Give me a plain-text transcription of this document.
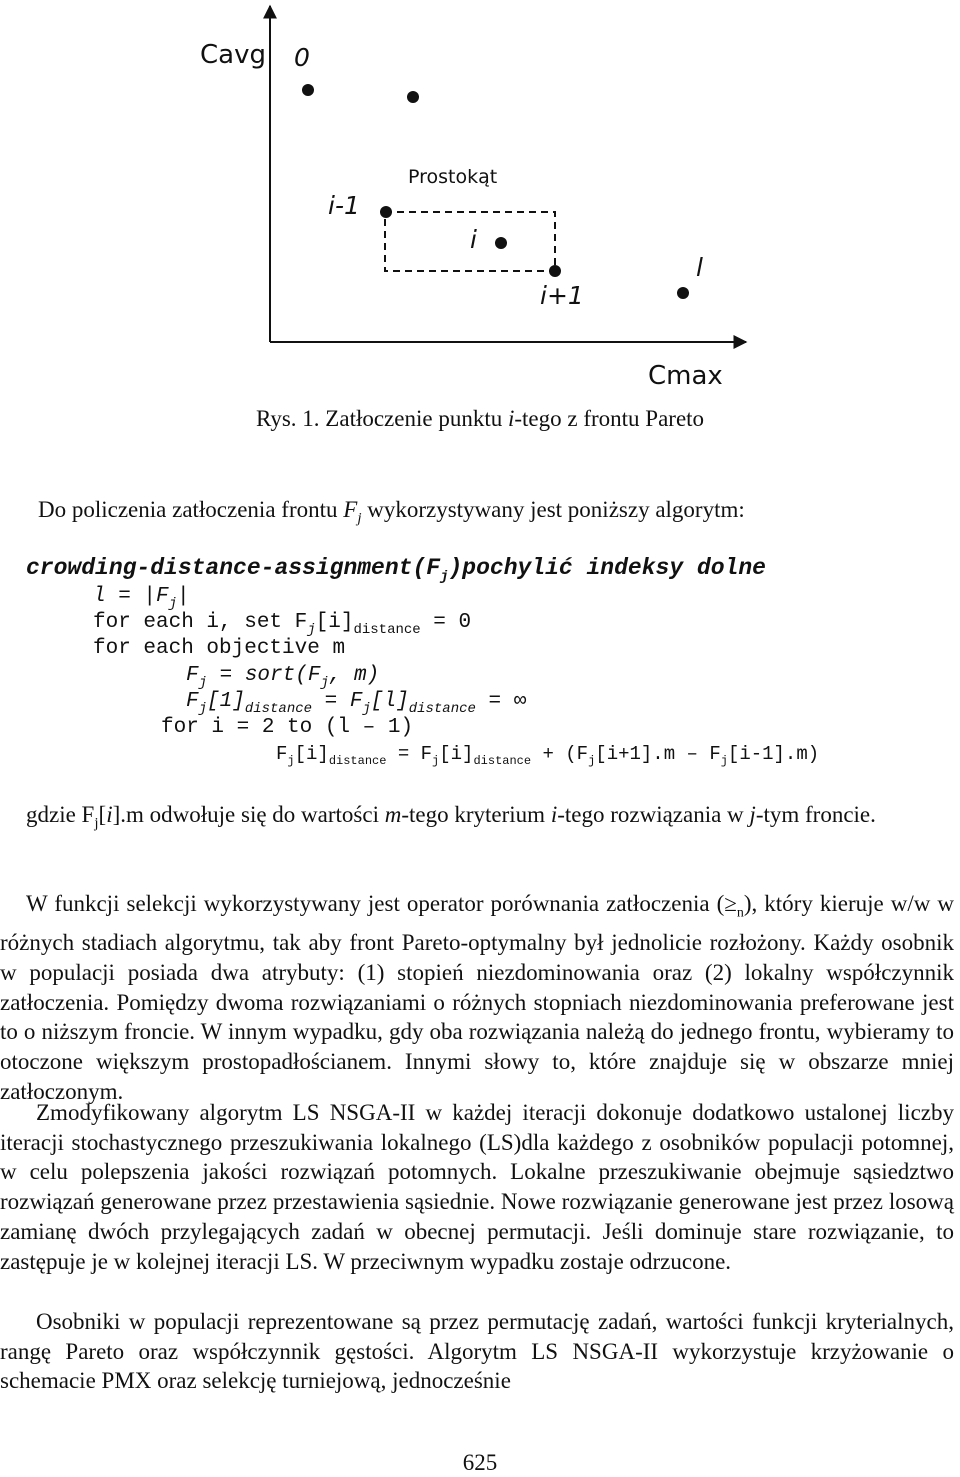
Cavg
Cmax
Prostokąt
0
i-1
i
i+1
l
Rys. 1. Zatłoczenie punktu i-tego z frontu Pareto
Do policzenia zatłoczenia frontu $F_j$ wykorzystywany jest poniższy algorytm:
crowding-$distance-assignment(F_j)pochylić$ indeksy dolne
$l = |F_j|$
for each i, set $F_j[i]_{distance} = 0$
for each objective m
$F_j$ = $sort(F_j$, m)
$F_j[1]_{distance} = F_j[l]_{distance}$ = ∞
for i = 2 to (l – 1)
$F_j[i]_{distance} = F_j[i]_{distance} + (F_j[i+1].m - F_j[i-1].m)$

gdzie $F_j[i].m$ odwołuje się do wartości m-tego kryterium i-tego rozwiązania w j-tym froncie.

W funkcji selekcji wykorzystywany jest operator porównania zatłoczenia $(\ge_n)$, który kieruje w/w w różnych stadiach algorytmu, tak aby front Pareto-optymalny był jednolicie rozłożony. Każdy osobnik w populacji posiada dwa atrybuty: (1) stopień niezdominowania oraz (2) lokalny współczynnik zatłoczenia. Pomiędzy dwoma rozwiązaniami o różnych stopniach niezdominowania preferowane jest to o niższym froncie. W innym wypadku, gdy oba rozwiązania należą do jednego frontu, wybieramy to otoczone większym prostopadłościanem. Innymi słowy to, które znajduje się w obszarze mniej zatłoczonym.

Zmodyfikowany algorytm LS NSGA-II w każdej iteracji dokonuje dodatkowo ustalonej liczby iteracji stochastycznego przeszukiwania lokalnego (LS)dla każdego z osobników populacji potomnej, w celu polepszenia jakości rozwiązań potomnych. Lokalne przeszukiwanie obejmuje sąsiedztwo rozwiązań generowane przez przestawienia sąsiednie. Nowe rozwiązanie generowane jest przez losową zamianę dwóch przylegających zadań w obecnej permutacji. Jeśli dominuje stare rozwiązanie, to zastępuje je w kolejnej iteracji LS. W przeciwnym wypadku zostaje odrzucone.

Osobniki w populacji reprezentowane są przez permutację zadań, wartości funkcji kryterialnych, rangę Pareto oraz współczynnik gęstości. Algorytm LS NSGA-II wykorzystuje krzyżowanie o schemacie PMX oraz selekcję turniejową, jednocześnie

625
